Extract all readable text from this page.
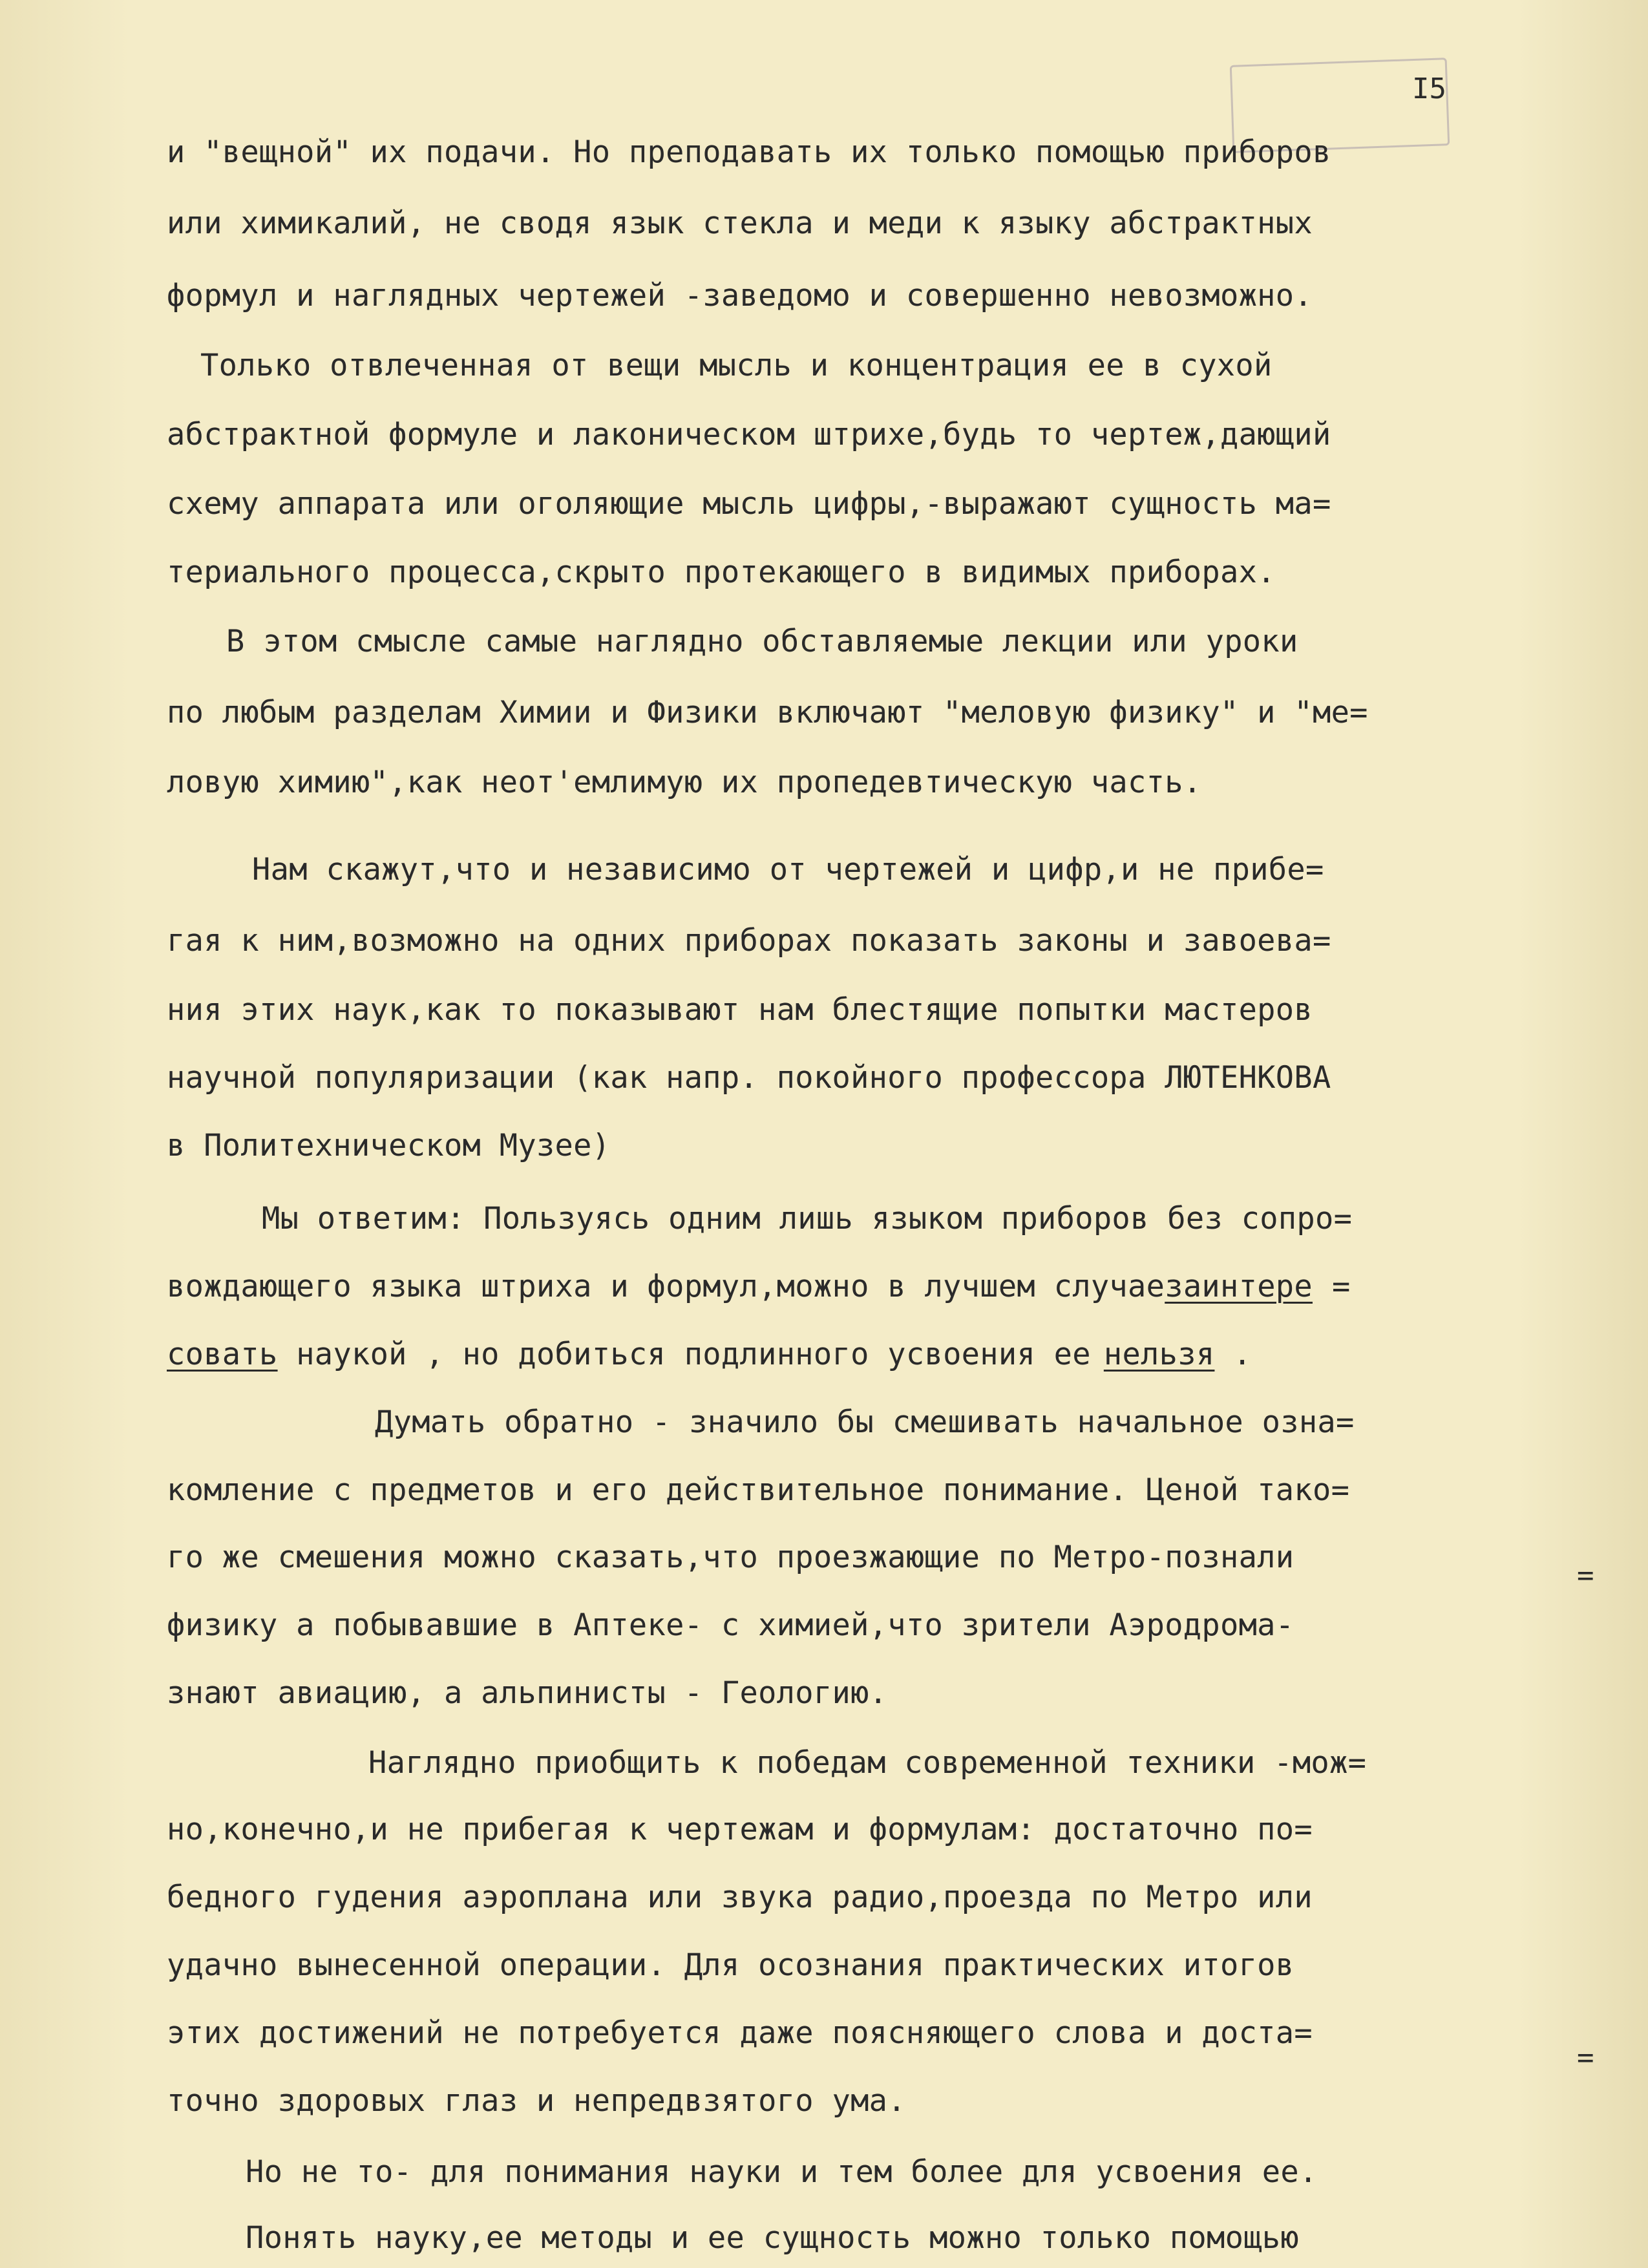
I5
и "вещной" их подачи. Но преподавать их только помощью приборов
или химикалий, не сводя язык стекла и меди к языку абстрактных
формул и наглядных чертежей -заведомо и совершенно невозможно.
Только отвлеченная от вещи мысль и концентрация ее в сухой
абстрактной формуле и лаконическом штрихе,будь то чертеж,дающий
схему аппарата или оголяющие мысль цифры,-выражают сущность ма=
териального процесса,скрыто протекающего в видимых приборах.
В этом смысле самые наглядно обставляемые лекции или уроки
по любым разделам Химии и Физики включают "меловую физику" и "ме=
ловую химию",как неот'емлимую их пропедевтическую часть.
Нам скажут,что и независимо от чертежей и цифр,и не прибе=
гая к ним,возможно на одних приборах показать законы и завоева=
ния этих наук,как то показывают нам блестящие попытки мастеров
научной популяризации (как напр. покойного профессора ЛЮТЕНКОВА
в Политехническом Музее)
Мы ответим: Пользуясь одним лишь языком приборов без сопро=
вождающего языка штриха и формул,можно в лучшем случаезаинтере =
совать наукой , но добиться подлинного усвоения ее нельзя .
Думать обратно - значило бы смешивать начальное озна=
комление с предметов и его действительное понимание. Ценой тако=
го же смешения можно сказать,что проезжающие по Метро-познали
физику а побывавшие в Аптеке- с химией,что зрители Аэродрома-
знают авиацию, а альпинисты - Геологию.
Наглядно приобщить к победам современной техники -мож=
но,конечно,и не прибегая к чертежам и формулам: достаточно по=
бедного гудения аэроплана или звука радио,проезда по Метро или
удачно вынесенной операции. Для осознания практических итогов
этих достижений не потребуется даже поясняющего слова и доста=
точно здоровых глаз и непредвзятого ума.
Но не то- для понимания науки и тем более для усвоения ее.
Понять науку,ее методы и ее сущность можно только помощью
=
=
